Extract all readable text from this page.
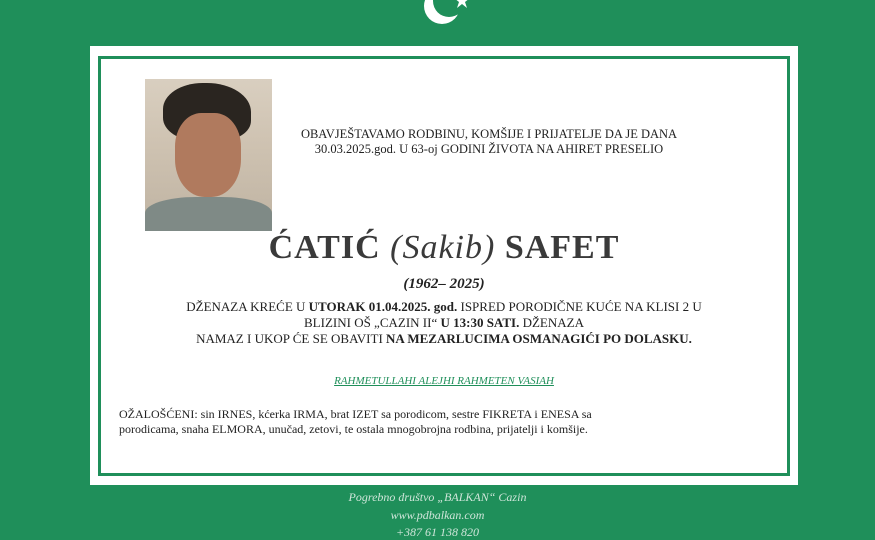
OBAVJEŠTAVAMO RODBINU, KOMŠIJE I PRIJATELJE DA JE DANA
30.03.2025.god. U 63-oj GODINI ŽIVOTA NA AHIRET PRESELIO
ĆATIĆ (Sakib) SAFET
(1962– 2025)
DŽENAZA KREĆE U UTORAK 01.04.2025. god. ISPRED PORODIČNE KUĆE NA KLISI 2 U
BLIZINI OŠ „CAZIN II“ U 13:30 SATI. DŽENAZA
NAMAZ I UKOP ĆE SE OBAVITI NA MEZARLUCIMA OSMANAGIĆI PO DOLASKU.
RAHMETULLAHI ALEJHI RAHMETEN VASIAH
OŽALOŠĆENI: sin IRNES, kćerka IRMA, brat IZET sa porodicom, sestre FIKRETA i ENESA sa
porodicama, snaha ELMORA, unučad, zetovi, te ostala mnogobrojna rodbina, prijatelji i komšije.
Pogrebno društvo „BALKAN“ Cazin
www.pdbalkan.com
+387 61 138 820
